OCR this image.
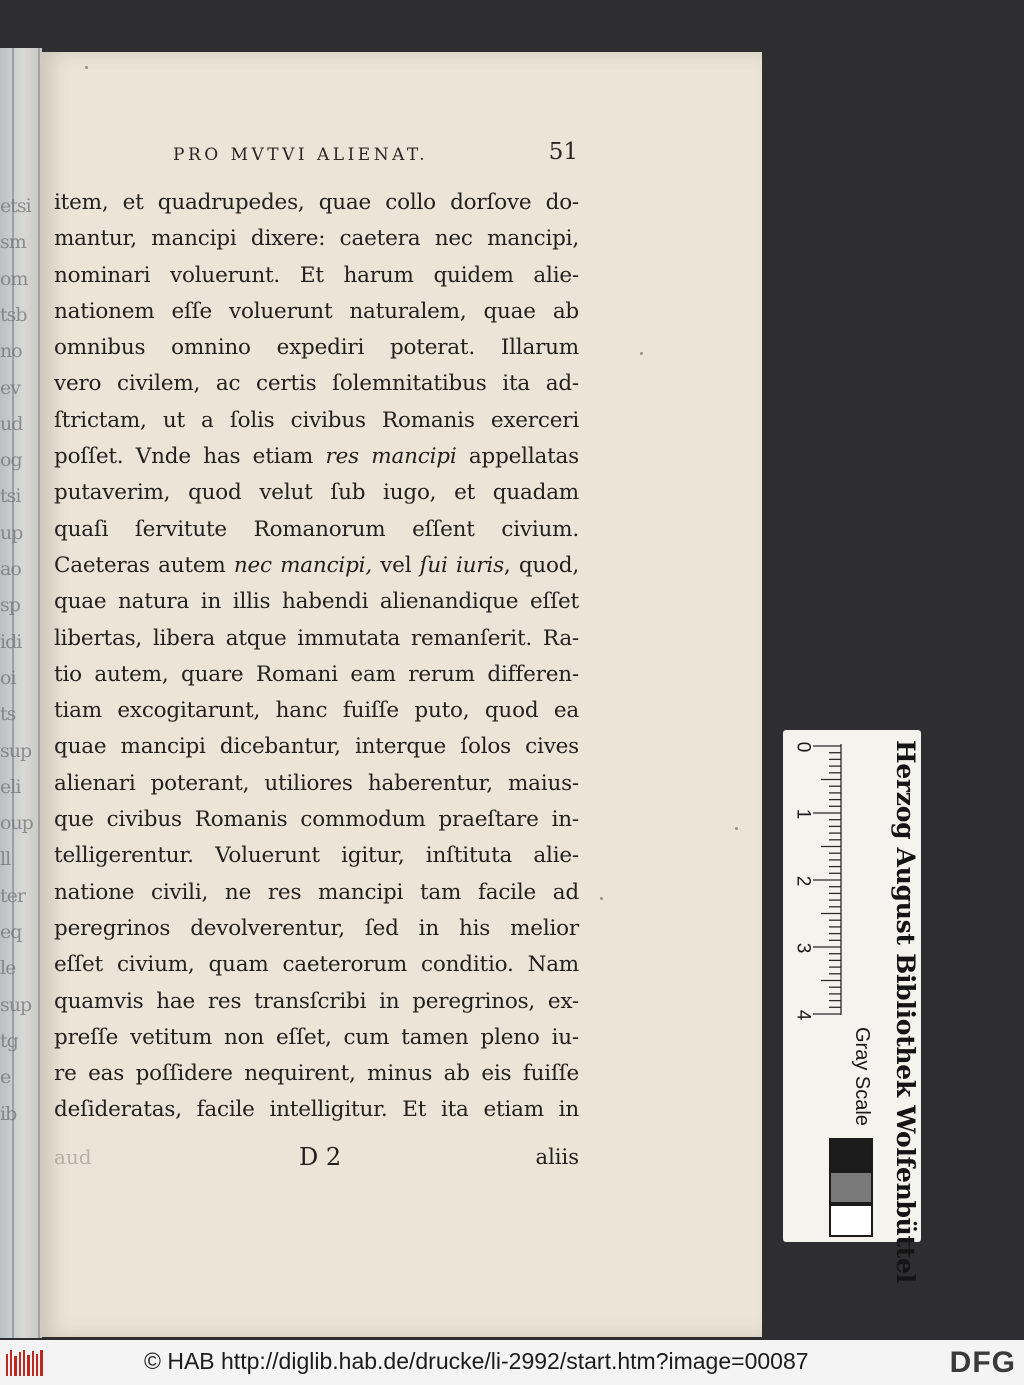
etsi
sm
om
tsb
no
ev
ud
og
tsi
up
ao
sp
idi
oi
ts
sup
eli
oup
ll
ter
eq
le
sup
tg
e
ib
PRO MVTVI ALIENAT.	51
item, et quadrupedes, quae collo dorſove do-
mantur, mancipi dixere: caetera nec mancipi,
nominari voluerunt. Et harum quidem alie-
nationem eſſe voluerunt naturalem, quae ab
omnibus omnino expediri poterat. Illarum
vero civilem, ac certis ſolemnitatibus ita ad-
ſtrictam, ut a ſolis civibus Romanis exerceri
poſſet. Vnde has etiam res mancipi appellatas
putaverim, quod velut ſub iugo, et quadam
quaſi ſervitute Romanorum eſſent civium.
Caeteras autem nec mancipi, vel ſui iuris, quod,
quae natura in illis habendi alienandique eſſet
libertas, libera atque immutata remanſerit. Ra-
tio autem, quare Romani eam rerum differen-
tiam excogitarunt, hanc fuiſſe puto, quod ea
quae mancipi dicebantur, interque ſolos cives
alienari poterant, utiliores haberentur, maius-
que civibus Romanis commodum praeſtare in-
telligerentur. Voluerunt igitur, inſtituta alie-
natione civili, ne res mancipi tam facile ad
peregrinos devolverentur, ſed in his melior
eſſet civium, quam caeterorum conditio. Nam
quamvis hae res transſcribi in peregrinos, ex-
preſſe vetitum non eſſet, cum tamen pleno iu-
re eas poſſidere nequirent, minus ab eis fuiſſe
deſideratas, facile intelligitur. Et ita etiam in
aud	D 2	aliis
0
1
2
3
4	Herzog August Bibliothek Wolfenbüttel
Gray Scale
© HAB http://diglib.hab.de/drucke/li-2992/start.htm?image=00087	DFG
